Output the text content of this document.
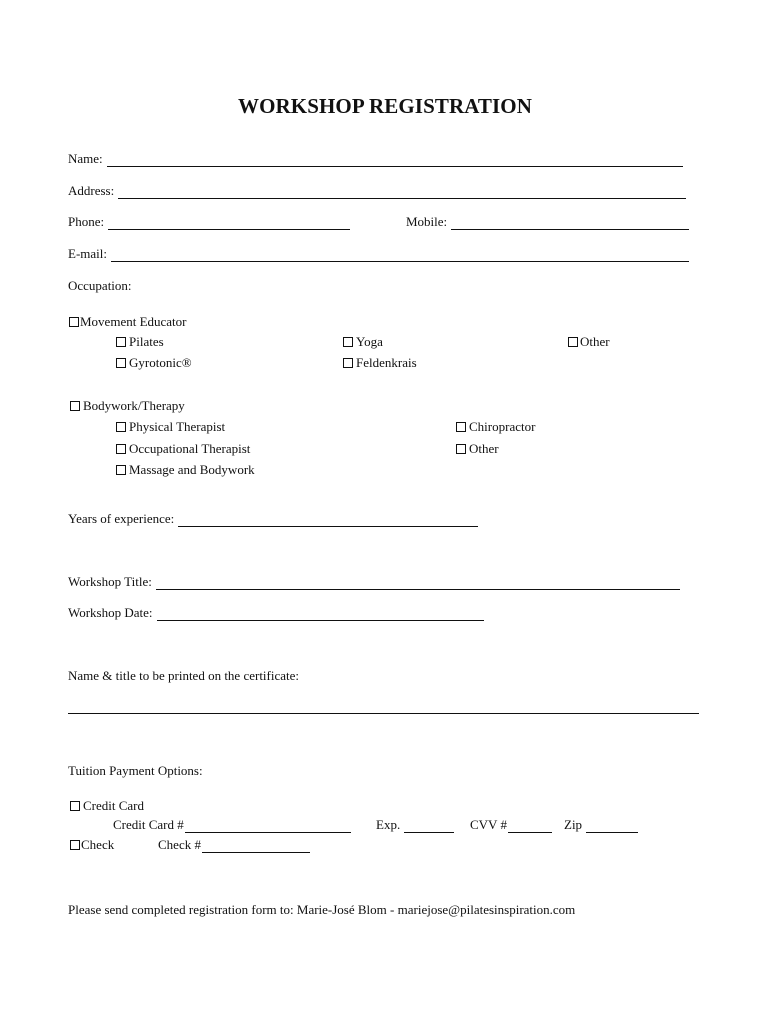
WORKSHOP REGISTRATION
Name:
Address:
Phone:	Mobile:
E-mail:
Occupation:
Movement Educator
Pilates
Gyrotonic®
Yoga
Feldenkrais
Other
Bodywork/Therapy
Physical Therapist
Occupational Therapist
Massage and Bodywork
Chiropractor
Other
Years of experience:
Workshop Title:
Workshop Date:
Name & title to be printed on the certificate:
Tuition Payment Options:
Credit Card
Credit Card #	Exp.	CVV #	Zip
Check	Check #
Please send completed registration form to: Marie-José Blom - mariejose@pilatesinspiration.com
